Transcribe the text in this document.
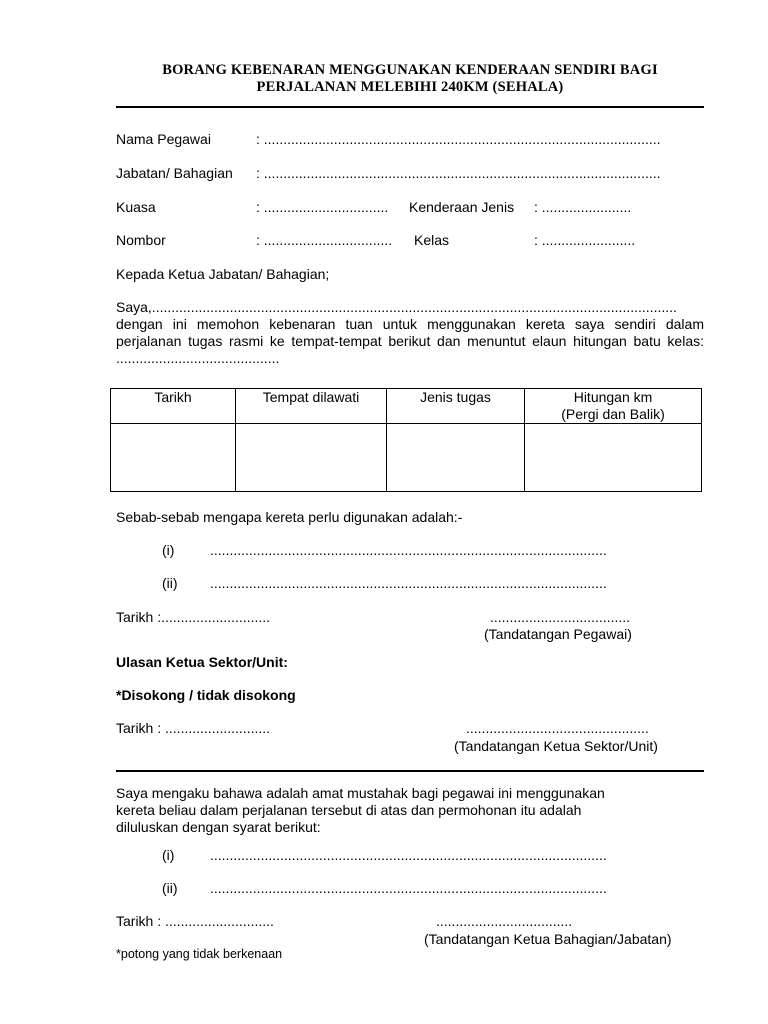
BORANG KEBENARAN MENGGUNAKAN KENDERAAN SENDIRI BAGI
PERJALANAN MELEBIHI 240KM (SEHALA)
Nama Pegawai	: ......................................................................................................
Jabatan/ Bahagian : ......................................................................................................
Kuasa	: ................................ Kenderaan Jenis : .......................
Nombor	: ................................. Kelas	: ........................
Kepada Ketua Jabatan/ Bahagian;
Saya,.......................................................................................................................................
dengan ini memohon kebenaran tuan untuk menggunakan kereta saya sendiri dalam perjalanan tugas rasmi ke tempat-tempat berikut dan menuntut elaun hitungan batu kelas: ..........................................
Tarikh	Tempat dilawati	Jenis tugas	Hitungan km
(Pergi dan Balik)

Sebab-sebab mengapa kereta perlu digunakan adalah:-
(i)	......................................................................................................
(ii) ......................................................................................................
Tarikh :............................	....................................
(Tandatangan Pegawai)
Ulasan Ketua Sektor/Unit:
*Disokong / tidak disokong
Tarikh : ...........................	...............................................
(Tandatangan Ketua Sektor/Unit)
Saya mengaku bahawa adalah amat mustahak bagi pegawai ini menggunakan kereta beliau dalam perjalanan tersebut di atas dan permohonan itu adalah diluluskan dengan syarat berikut:
(i)	......................................................................................................
(ii) ......................................................................................................
Tarikh : ............................	...................................
(Tandatangan Ketua Bahagian/Jabatan)
*potong yang tidak berkenaan
